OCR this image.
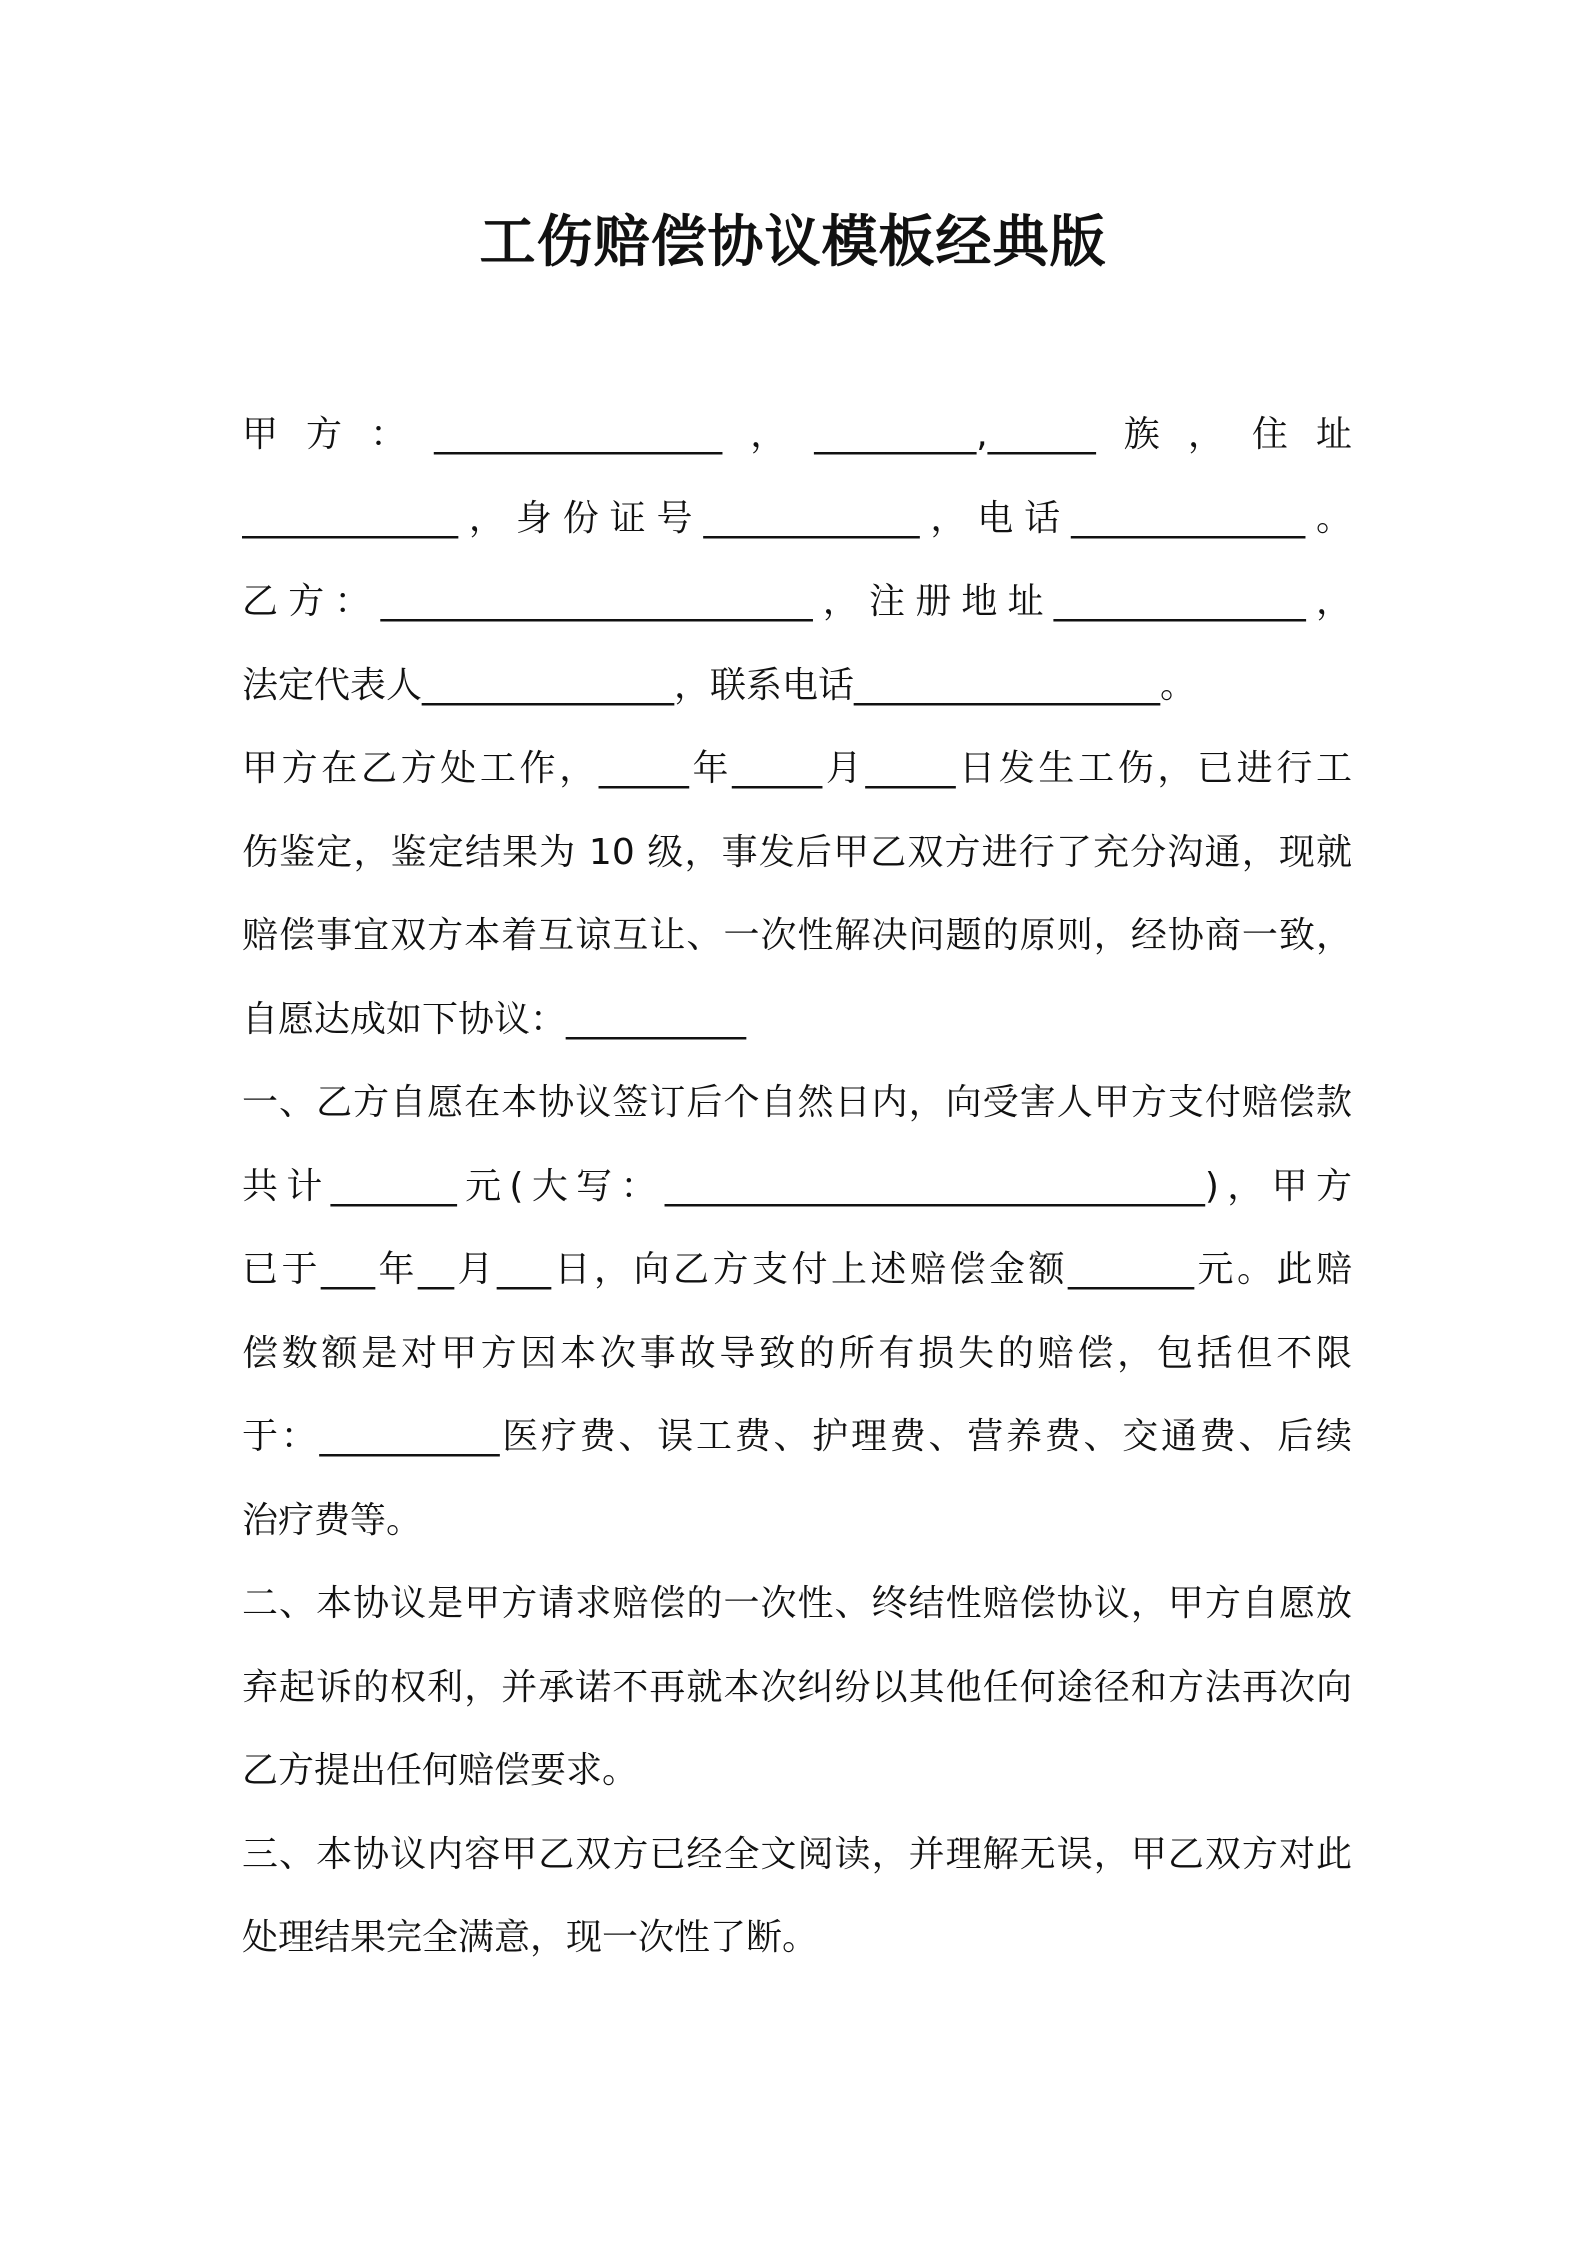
工伤赔偿协议模板经典版
甲方：________________，_________,______族，住址
____________，身份证号____________，电话_____________。
乙方：________________________，注册地址______________，
法定代表人______________，联系电话_________________。
甲方在乙方处工作，_____年_____月_____日发生工伤，已进行工
伤鉴定，鉴定结果为 10 级，事发后甲乙双方进行了充分沟通，现就
赔偿事宜双方本着互谅互让、一次性解决问题的原则，经协商一致，
自愿达成如下协议：__________
一、乙方自愿在本协议签订后个自然日内，向受害人甲方支付赔偿款
共计_______元(大写：______________________________)，甲方
已于___年__月___日，向乙方支付上述赔偿金额_______元。此赔
偿数额是对甲方因本次事故导致的所有损失的赔偿，包括但不限
于：__________医疗费、误工费、护理费、营养费、交通费、后续
治疗费等。
二、本协议是甲方请求赔偿的一次性、终结性赔偿协议，甲方自愿放
弃起诉的权利，并承诺不再就本次纠纷以其他任何途径和方法再次向
乙方提出任何赔偿要求。
三、本协议内容甲乙双方已经全文阅读，并理解无误，甲乙双方对此
处理结果完全满意，现一次性了断。
